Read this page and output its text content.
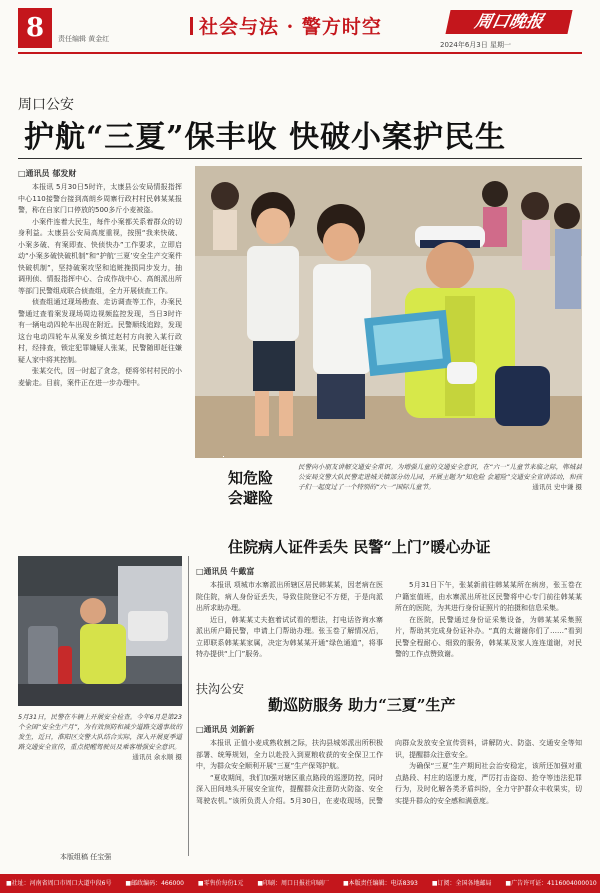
8	责任编辑 黄金红
社会与法 · 警方时空	周口晚报
2024年6月3日 星期一
周口公安
护航“三夏”保丰收 快破小案护民生
□通讯员 郁发财

本报讯 5月30日5时许，太康县公安局情报指挥中心110接警台接到高朗乡周寨行政村村民韩某某报警，称在自家门口停放的500多斤小麦被盗。

小案件连着大民生，每件小案都关系着群众的切身利益。太康县公安局高度重视，按照“我来快破、小案多破、有案即查、快侦快办”工作要求，立即启动“小案多破快破机制”和“护航‘三夏’安全生产交案件快破机制”，坚持破案攻坚和追赃挽损同步发力，抽调刑侦、情报指挥中心、合成作战中心、高朗派出所等部门民警组成联合侦查组，全力开展侦查工作。

侦查组通过现场勘查、走访调查等工作，办案民警通过查看案发现场周边视频监控发现，当日3时许有一辆电动四轮车出现在附近。民警顺线追踪，发现这台电动四轮车从案发乡镇过赵村方向驶入某行政村，经排查，锁定犯罪嫌疑人张某，民警随即赶往嫌疑人家中将其控制。

张某交代，因一时起了贪念，便将邻村村民的小麦偷走。目前，案件正在进一步办理中。

知危险
会避险
民警向小朋友讲解交通安全常识。为增强儿童的交通安全意识，在“六一”儿童节来临之际，郸城县公安局交警大队民警走进城关镇部分幼儿园，开展主题为“知危险 会避险”交通安全宣讲活动，和孩子们一起度过了一个特别的“六一”国际儿童节。	通讯员 史中谦 摄
5月31日，民警在车辆上开展安全检查。今年6月是第23个全国“安全生产月”，为有效预防和减少道路交通事故的发生，近日，淮阳区交警大队结合实际，深入开展夏季道路交通安全宣传，重点提醒驾驶员及乘客增强安全意识。
通讯员 余永顺 摄
住院病人证件丢失 民警“上门”暖心办证
□通讯员 牛戴富

本报讯 项城市水寨派出所辖区居民韩某某，因老病在医院住院，病人身份证丢失，导致住院登记不方便，于是向派出所求助办理。

近日，韩某某丈夫抱着试试看的想法，打电话咨询水寨派出所户籍民警，申请上门帮助办理。张玉卷了解情况后，立即联系韩某某家属，决定为韩某某开通“绿色通道”，将事特办提供“上门”服务。

5月31日下午，张某新前往韩某某所在病房，张玉卷在户籍室值班，由水寨派出所社区民警将中心专门前往韩某某所在的医院，为其进行身份证照片的拍摄和信息采集。

在医院，民警通过身份证采集设备，为韩某某采集照片，帮助其完成身份证补办。“真的太谢谢你们了……”看到民警全程耐心、细致的服务，韩某某及家人连连道谢，对民警的工作点赞致谢。

扶沟公安
勤巡防服务 助力“三夏”生产
□通讯员 刘新新

本报讯 正值小麦成熟收割之际，扶沟县城郊派出所积极部署、统筹规划，全力以赴投入到夏粮收获的安全保卫工作中，为群众安全顺利开展“三夏”生产保驾护航。

“夏收期间，我们加强对辖区重点路段的巡逻防控，同时深入田间地头开展安全宣传，提醒群众注意防火防盗、安全驾驶农机。”该所负责人介绍。5月30日，在麦收现场，民警向群众发放安全宣传资料，讲解防火、防盗、交通安全等知识，提醒群众注意安全。

为确保“三夏”生产期间社会治安稳定，该所还加强对重点路段、村庄的巡逻力度，严厉打击盗窃、抢夺等违法犯罪行为，及时化解各类矛盾纠纷，全力守护群众丰收果实，切实提升群众的安全感和满意度。

本版组稿 任宝强
■社址：河南省周口市周口大道中段6号 ■邮政编码：466000 ■零售价每份1元 ■印刷：周口日报社印刷厂 ■本版责任编辑：电话8393 ■订阅：全国各地邮局 ■广告许可证：4116004000010
